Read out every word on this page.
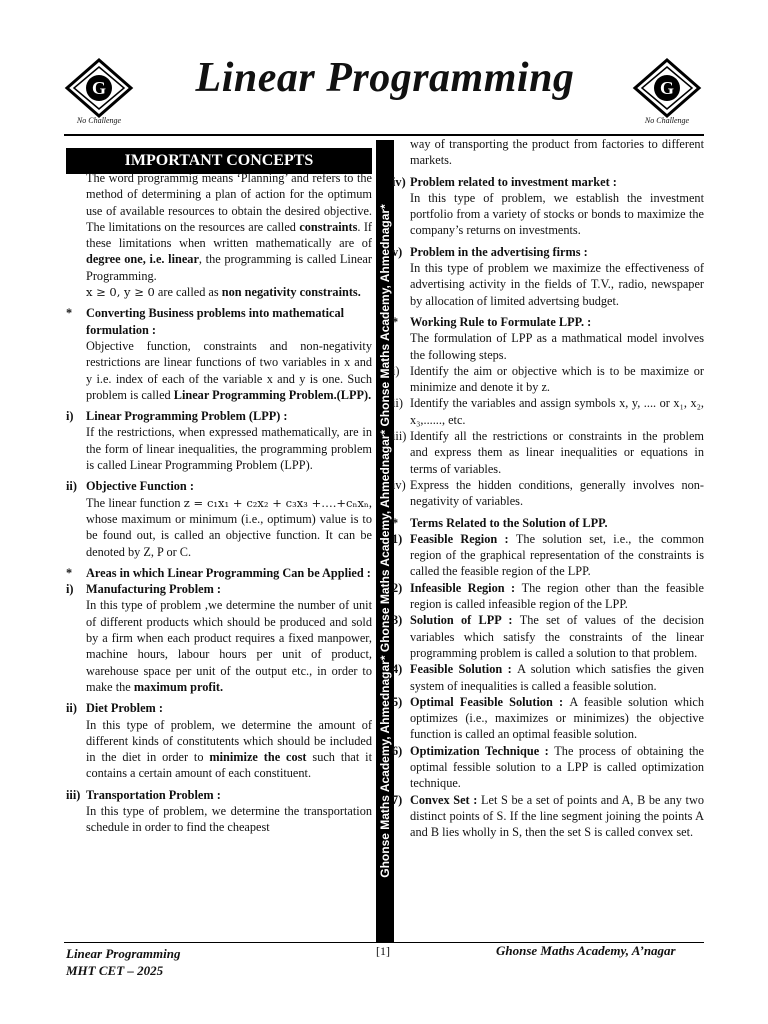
G
No Challenge
G
No Challenge
Linear Programming
Ghonse Maths Academy, Ahmednagar* Ghonse Maths Academy, Ahmednagar* Ghonse Maths Academy, Ahmednagar*
IMPORTANT CONCEPTS

The word programmig means ‘Planning’ and refers to the method of determining a plan of action for the optimum use of available resources to obtain the desired objective. The limitations on the resources are called constraints. If these limitations when written mathematically are of degree one, i.e. linear, the programming is called Linear Programming.
x ≥ 0, y ≥ 0 are called as non negativity constraints.

* Converting Business problems into mathematical formulation :

Objective function, constraints and non-negativity restrictions are linear functions of two variables in x and y i.e. index of each of the variable x and y is one. Such problem is called Linear Programming Problem.(LPP).

i) Linear Programming Problem (LPP) :

If the restrictions, when expressed mathematically, are in the form of linear inequalities, the programming problem is called Linear Programming Problem (LPP).

ii) Objective Function :

The linear function z = c₁x₁ + c₂x₂ + c₃x₃ +….+cₙxₙ, whose maximum or minimum (i.e., optimum) value is to be found out, is called an objective function. It can be denoted by Z, P or C.

* Areas in which Linear Programming Can be Applied :
i) Manufacturing Problem :

In this type of problem ,we determine the number of unit of different products which should be produced and sold by a firm when each product requires a fixed manpower, machine hours, labour hours per unit of product, warehouse space per unit of the output etc., in order to make the maximum profit.

ii) Diet Problem :

In this type of problem, we determine the amount of different kinds of constitutents which should be included in the diet in order to minimize the cost such that it contains a certain amount of each constituent.

iii) Transportation Problem :

In this type of problem, we determine the transportation schedule in order to find the cheapest

way of transporting the product from factories to different markets.

iv) Problem related to investment market :

In this type of problem, we establish the investment portfolio from a variety of stocks or bonds to maximize the company’s returns on investments.

v) Problem in the advertising firms :

In this type of problem we maximize the effectiveness of advertising activity in the fields of T.V., radio, newspaper by allocation of limited advertsing budget.

* Working Rule to Formulate LPP. :

The formulation of LPP as a mathmatical model involves the following steps.

i) Identify the aim or objective which is to be maximize or minimize and denote it by z.

ii) Identify the variables and assign symbols x, y, .... or x₁, x₂, x₃,......, etc.

iii) Identify all the restrictions or constraints in the problem and express them as linear inequalities or equations in terms of variables.

iv) Express the hidden conditions, generally involves non-negativity of variables.

* Terms Related to the Solution of LPP.

1) Feasible Region : The solution set, i.e., the common region of the graphical representation of the constraints is called the feasible region of the LPP.

2) Infeasible Region : The region other than the feasible region is called infeasible region of the LPP.

3) Solution of LPP : The set of values of the decision variables which satisfy the constraints of the linear programming problem is called a solution to that problem.

4) Feasible Solution : A solution which satisfies the given system of inequalities is called a feasible solution.

5) Optimal Feasible Solution : A feasible solution which optimizes (i.e., maximizes or minimizes) the objective function is called an optimal feasible solution.

6) Optimization Technique : The process of obtaining the optimal fessible solution to a LPP is called optimization technique.

7) Convex Set : Let S be a set of points and A, B be any two distinct points of S. If the line segment joining the points A and B lies wholly in S, then the set S is called convex set.

Linear Programming
MHT CET – 2025
[1]	Ghonse Maths Academy, A’nagar
